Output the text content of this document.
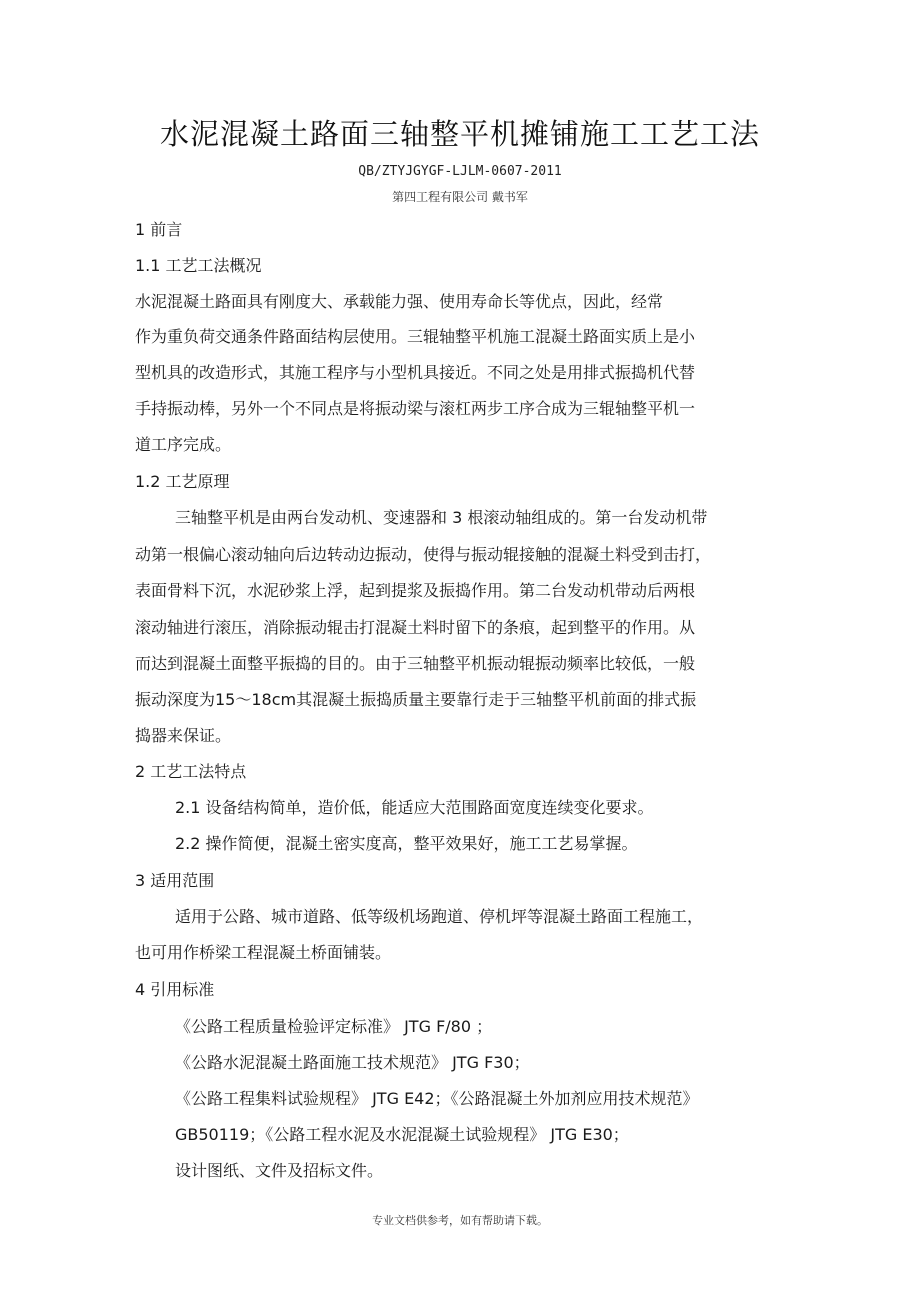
水泥混凝土路面三轴整平机摊铺施工工艺工法
QB/ZTYJGYGF-LJLM-0607-2011
第四工程有限公司 戴书军
1 前言
1.1 工艺工法概况
水泥混凝土路面具有刚度大、承载能力强、使用寿命长等优点，因此，经常
作为重负荷交通条件路面结构层使用。三辊轴整平机施工混凝土路面实质上是小
型机具的改造形式，其施工程序与小型机具接近。不同之处是用排式振捣机代替
手持振动棒，另外一个不同点是将振动梁与滚杠两步工序合成为三辊轴整平机一
道工序完成。
1.2 工艺原理
三轴整平机是由两台发动机、变速器和 3 根滚动轴组成的。第一台发动机带
动第一根偏心滚动轴向后边转动边振动，使得与振动辊接触的混凝土料受到击打，
表面骨料下沉，水泥砂浆上浮，起到提浆及振捣作用。第二台发动机带动后两根
滚动轴进行滚压，消除振动辊击打混凝土料时留下的条痕，起到整平的作用。从
而达到混凝土面整平振捣的目的。由于三轴整平机振动辊振动频率比较低，一般
振动深度为15～18cm其混凝土振捣质量主要靠行走于三轴整平机前面的排式振
捣器来保证。
2 工艺工法特点
2.1 设备结构简单，造价低，能适应大范围路面宽度连续变化要求。
2.2 操作简便，混凝土密实度高，整平效果好，施工工艺易掌握。
3 适用范围
适用于公路、城市道路、低等级机场跑道、停机坪等混凝土路面工程施工，
也可用作桥梁工程混凝土桥面铺装。
4 引用标准
《公路工程质量检验评定标准》 JTG F/80 ；
《公路水泥混凝土路面施工技术规范》 JTG F30；
《公路工程集料试验规程》 JTG E42；《公路混凝土外加剂应用技术规范》
GB50119；《公路工程水泥及水泥混凝土试验规程》 JTG E30；
设计图纸、文件及招标文件。
专业文档供参考，如有帮助请下载。
